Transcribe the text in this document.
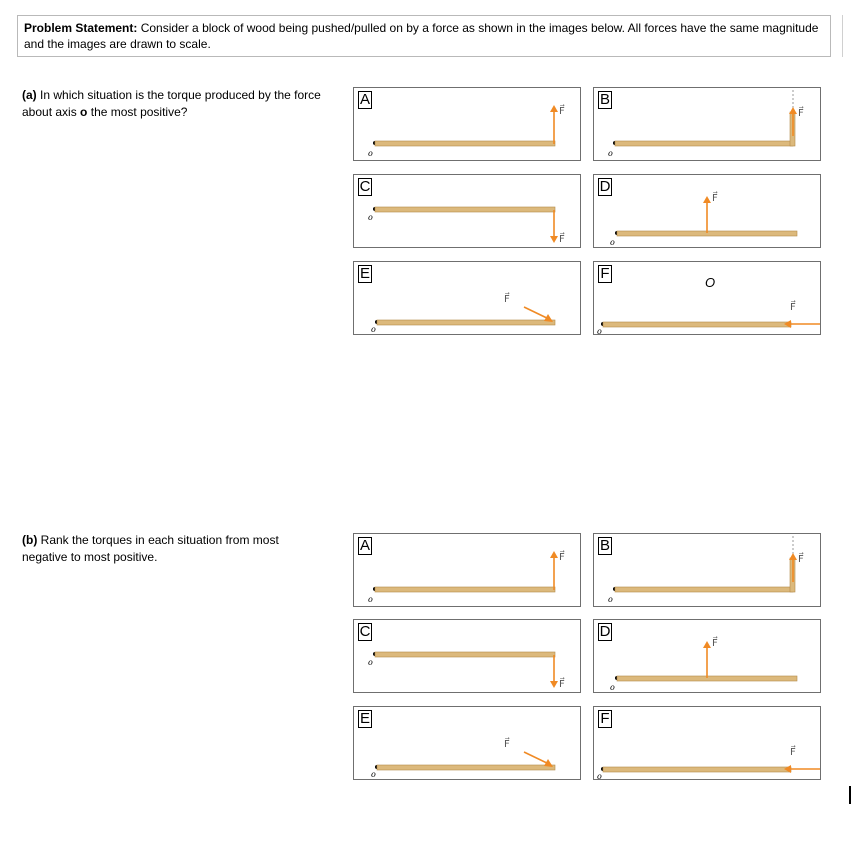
Problem Statement: Consider a block of wood being pushed/pulled on by a force as shown in the images below. All forces have the same magnitude and the images are drawn to scale.
(a) In which situation is the torque produced by the force about axis o the most positive?
(b) Rank the torques in each situation from most negative to most positive.
A
o
F⃗
B
o
F⃗
C
o
F⃗
D
o
F⃗
E
o
F⃗
F
o
F⃗
O
A
o
F⃗
B
o
F⃗
C
o
F⃗
D
o
F⃗
E
o
F⃗
F
o
F⃗
